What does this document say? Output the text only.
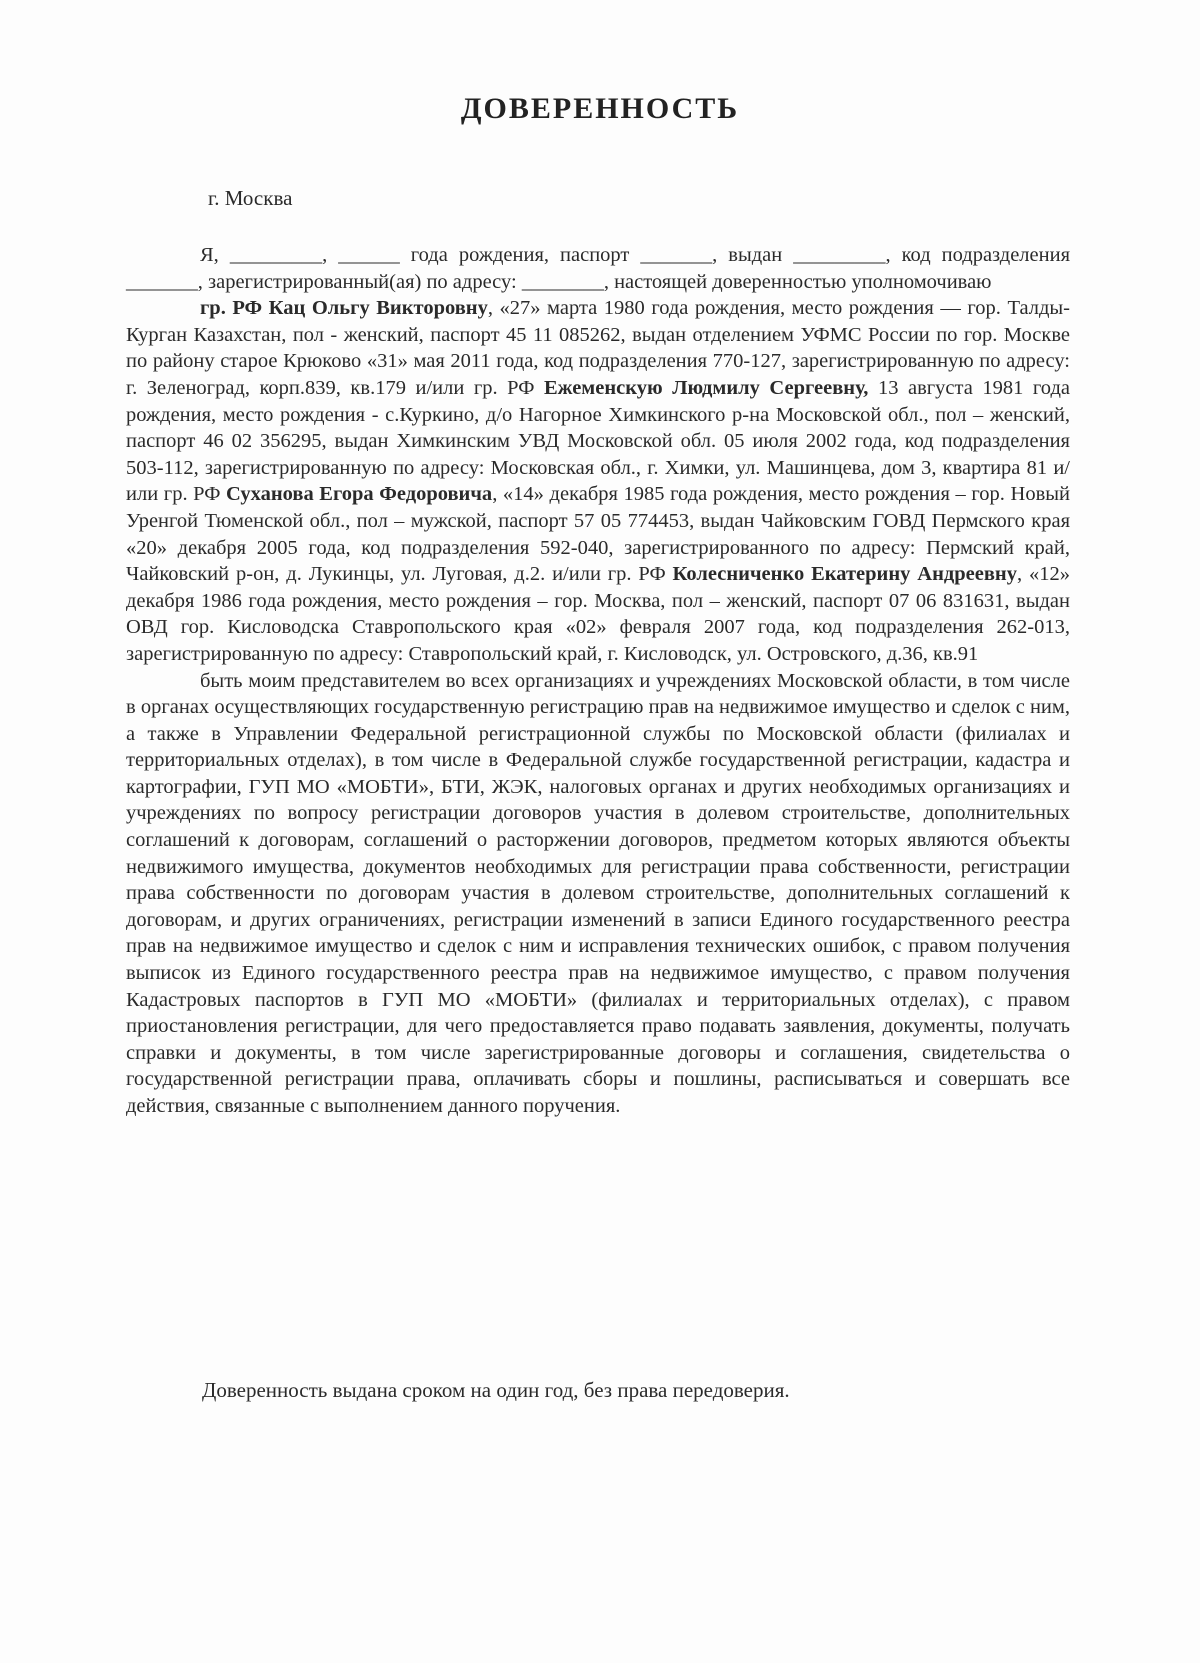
ДОВЕРЕННОСТЬ
г. Москва

Я, _________, ______ года рождения, паспорт _______, выдан _________, код подразделения _______, зарегистрированный(ая) по адресу: ________, настоящей доверенностью уполномочиваю

гр. РФ Кац Ольгу Викторовну, «27» марта 1980 года рождения, место рождения — гор. Талды-Курган Казахстан, пол - женский, паспорт 45 11 085262, выдан отделением УФМС России по гор. Москве по району старое Крюково «31» мая 2011 года, код подразделения 770-127, зарегистрированную по адресу: г. Зеленоград, корп.839, кв.179 и/или гр. РФ Ежеменскую Людмилу Сергеевну, 13 августа 1981 года рождения, место рождения - с.Куркино, д/о Нагорное Химкинского р-на Московской обл., пол – женский, паспорт 46 02 356295, выдан Химкинским УВД Московской обл. 05 июля 2002 года, код подразделения 503-112, зарегистрированную по адресу: Московская обл., г. Химки, ул. Машинцева, дом 3, квартира 81 и/или гр. РФ Суханова Егора Федоровича, «14» декабря 1985 года рождения, место рождения – гор. Новый Уренгой Тюменской обл., пол – мужской, паспорт 57 05 774453, выдан Чайковским ГОВД Пермского края «20» декабря 2005 года, код подразделения 592-040, зарегистрированного по адресу: Пермский край, Чайковский р-он, д. Лукинцы, ул. Луговая, д.2. и/или гр. РФ Колесниченко Екатерину Андреевну, «12» декабря 1986 года рождения, место рождения – гор. Москва, пол – женский, паспорт 07 06 831631, выдан ОВД гор. Кисловодска Ставропольского края «02» февраля 2007 года, код подразделения 262-013, зарегистрированную по адресу: Ставропольский край, г. Кисловодск, ул. Островского, д.36, кв.91

быть моим представителем во всех организациях и учреждениях Московской области, в том числе в органах осуществляющих государственную регистрацию прав на недвижимое имущество и сделок с ним, а также в Управлении Федеральной регистрационной службы по Московской области (филиалах и территориальных отделах), в том числе в Федеральной службе государственной регистрации, кадастра и картографии, ГУП МО «МОБТИ», БТИ, ЖЭК, налоговых органах и других необходимых организациях и учреждениях по вопросу регистрации договоров участия в долевом строительстве, дополнительных соглашений к договорам, соглашений о расторжении договоров, предметом которых являются объекты недвижимого имущества, документов необходимых для регистрации права собственности, регистрации права собственности по договорам участия в долевом строительстве, дополнительных соглашений к договорам, и других ограничениях, регистрации изменений в записи Единого государственного реестра прав на недвижимое имущество и сделок с ним и исправления технических ошибок, с правом получения выписок из Единого государственного реестра прав на недвижимое имущество, с правом получения Кадастровых паспортов в ГУП МО «МОБТИ» (филиалах и территориальных отделах), с правом приостановления регистрации, для чего предоставляется право подавать заявления, документы, получать справки и документы, в том числе зарегистрированные договоры и соглашения, свидетельства о государственной регистрации права, оплачивать сборы и пошлины, расписываться и совершать все действия, связанные с выполнением данного поручения.

Доверенность выдана сроком на один год, без права передоверия.
